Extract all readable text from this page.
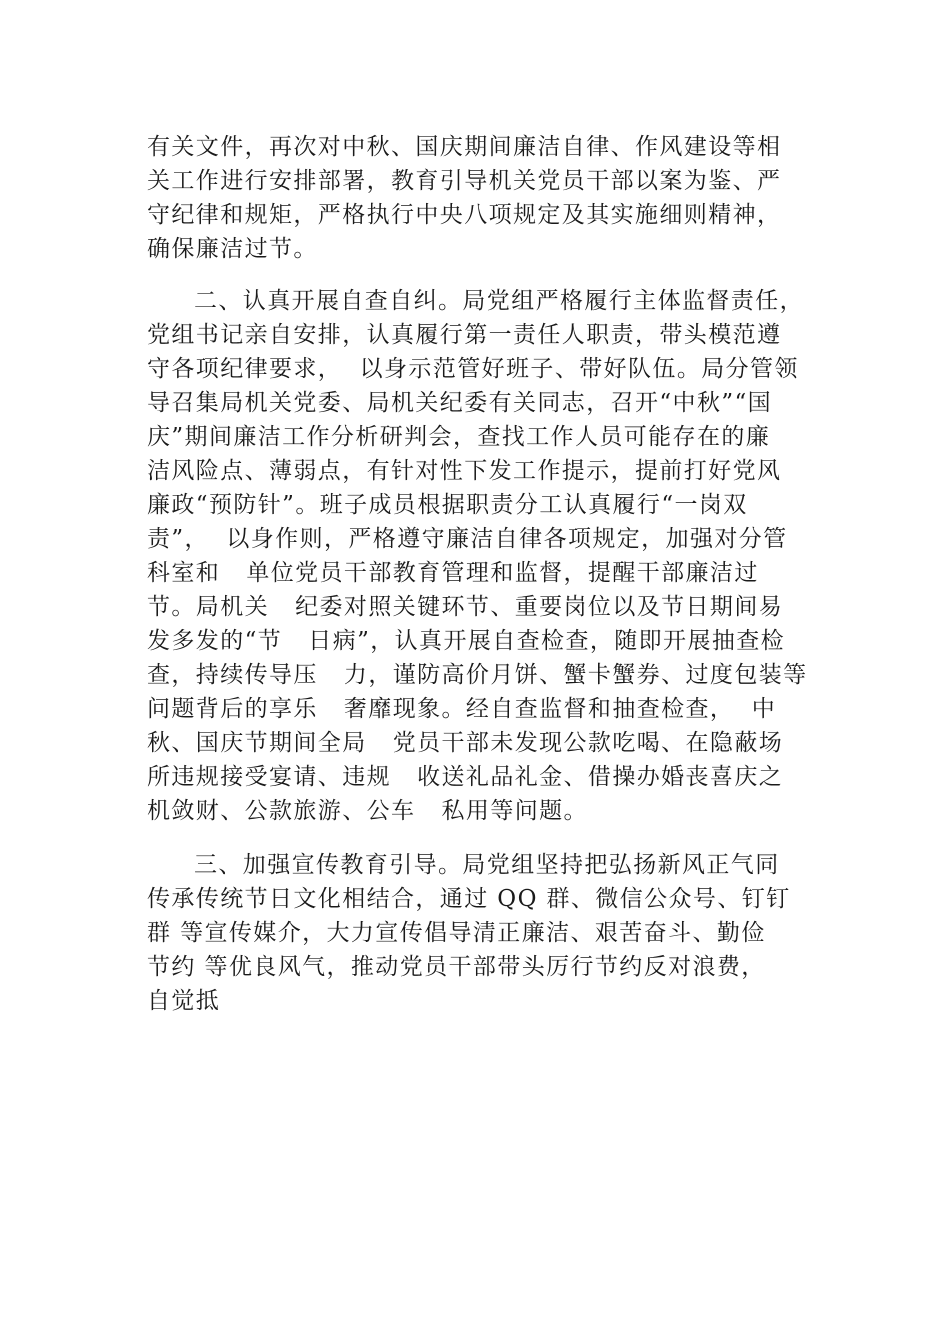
有关文件，再次对中秋、国庆期间廉洁自律、作风建设等相
关工作进行安排部署，教育引导机关党员干部以案为鉴、严
守纪律和规矩，严格执行中央八项规定及其实施细则精神，
确保廉洁过节。
二、认真开展自查自纠。局党组严格履行主体监督责任，
党组书记亲自安排，认真履行第一责任人职责，带头模范遵
守各项纪律要求，  以身示范管好班子、带好队伍。局分管领
导召集局机关党委、局机关纪委有关同志，召开“中秋”“国
庆”期间廉洁工作分析研判会，查找工作人员可能存在的廉
洁风险点、薄弱点，有针对性下发工作提示，提前打好党风
廉政“预防针”。班子成员根据职责分工认真履行“一岗双
责”，  以身作则，严格遵守廉洁自律各项规定，加强对分管
科室和   单位党员干部教育管理和监督，提醒干部廉洁过
节。局机关   纪委对照关键环节、重要岗位以及节日期间易
发多发的“节   日病”，认真开展自查检查，随即开展抽查检
查，持续传导压   力，谨防高价月饼、蟹卡蟹券、过度包装等
问题背后的享乐   奢靡现象。经自查监督和抽查检查，  中
秋、国庆节期间全局   党员干部未发现公款吃喝、在隐蔽场
所违规接受宴请、违规   收送礼品礼金、借操办婚丧喜庆之
机敛财、公款旅游、公车   私用等问题。
三、加强宣传教育引导。局党组坚持把弘扬新风正气同
传承传统节日文化相结合，通过 QQ 群、微信公众号、钉钉
群 等宣传媒介，大力宣传倡导清正廉洁、艰苦奋斗、勤俭
节约 等优良风气，推动党员干部带头厉行节约反对浪费，
自觉抵
